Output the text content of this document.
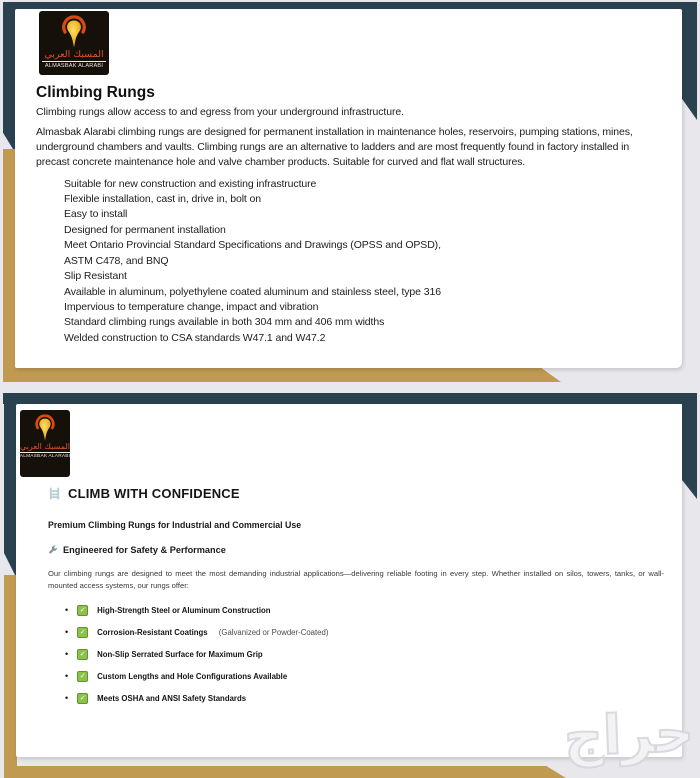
المسبك العربي
ALMASBAK ALARABI
Climbing Rungs

Climbing rungs allow access to and egress from your underground infrastructure.

Almasbak Alarabi climbing rungs are designed for permanent installation in maintenance holes, reservoirs, pumping stations, mines, underground chambers and vaults. Climbing rungs are an alternative to ladders and are most frequently found in factory installed in precast concrete maintenance hole and valve chamber products. Suitable for curved and flat wall structures.

Suitable for new construction and existing infrastructure
Flexible installation, cast in, drive in, bolt on
Easy to install
Designed for permanent installation
Meet Ontario Provincial Standard Specifications and Drawings (OPSS and OPSD),
ASTM C478, and BNQ
Slip Resistant
Available in aluminum, polyethylene coated aluminum and stainless steel, type 316
Impervious to temperature change, impact and vibration
Standard climbing rungs available in both 304 mm and 406 mm widths
Welded construction to CSA standards W47.1 and W47.2
المسبك العربي
ALMASBAK ALARABI
CLIMB WITH CONFIDENCE
Premium Climbing Rungs for Industrial and Commercial Use
Engineered for Safety & Performance

Our climbing rungs are designed to meet the most demanding industrial applications—delivering reliable footing in every step. Whether installed on silos, towers, tanks, or wall-mounted access systems, our rungs offer:

•	✓	High-Strength Steel or Aluminum Construction
•	✓	Corrosion-Resistant Coatings (Galvanized or Powder-Coated)
•	✓	Non-Slip Serrated Surface for Maximum Grip
•	✓	Custom Lengths and Hole Configurations Available
•	✓	Meets OSHA and ANSI Safety Standards
حراج
